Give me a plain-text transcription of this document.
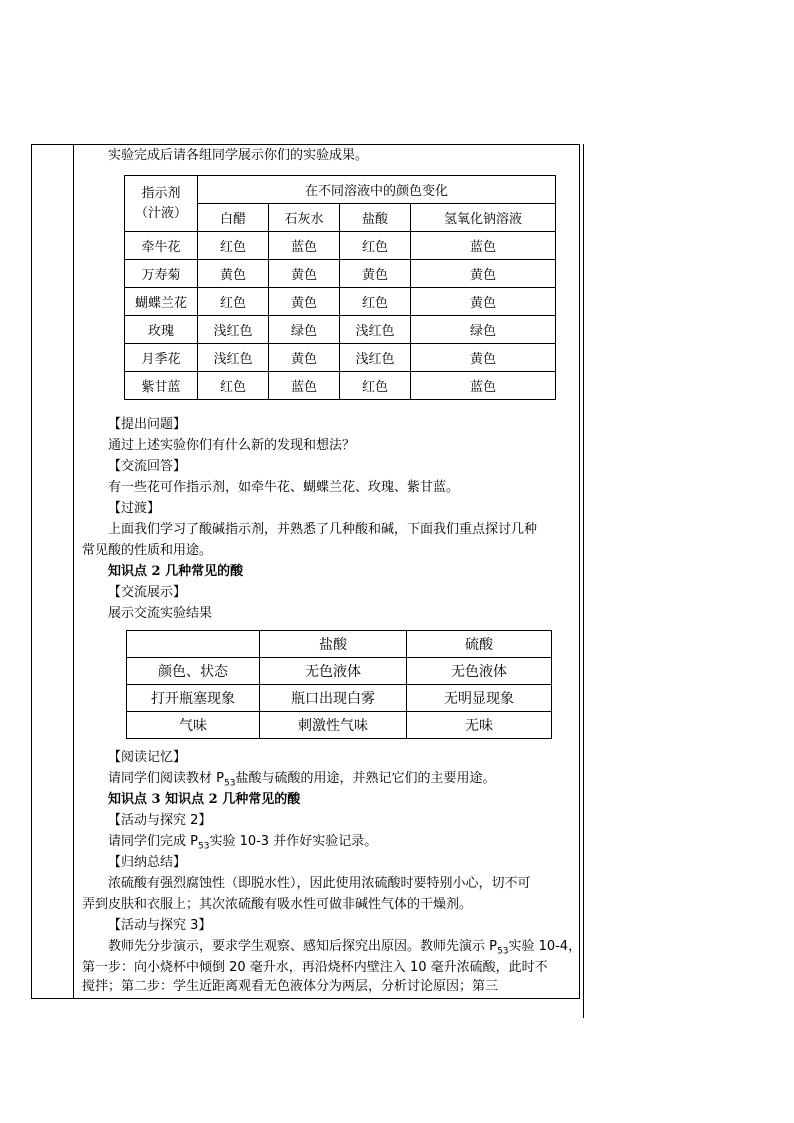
实验完成后请各组同学展示你们的实验成果。
指示剂
（汁液）	在不同溶液中的颜色变化			
	白醋	石灰水	盐酸	氢氧化钠溶液
牵牛花	红色	蓝色	红色	蓝色
万寿菊	黄色	黄色	黄色	黄色
蝴蝶兰花	红色	黄色	红色	黄色
玫瑰	浅红色	绿色	浅红色	绿色
月季花	浅红色	黄色	浅红色	黄色
紫甘蓝	红色	蓝色	红色	蓝色
【提出问题】
通过上述实验你们有什么新的发现和想法？
【交流回答】
有一些花可作指示剂，如牵牛花、蝴蝶兰花、玫瑰、紫甘蓝。
【过渡】
上面我们学习了酸碱指示剂，并熟悉了几种酸和碱，下面我们重点探讨几种
常见酸的性质和用途。
知识点 2 几种常见的酸
【交流展示】
展示交流实验结果
	盐酸	硫酸
颜色、状态	无色液体	无色液体
打开瓶塞现象	瓶口出现白雾	无明显现象
气味	刺激性气味	无味
【阅读记忆】
请同学们阅读教材 $P_{53}$盐酸与硫酸的用途，并熟记它们的主要用途。
知识点 3 知识点 2 几种常见的酸
【活动与探究 2】
请同学们完成 $P_{53}$实验 10-3 并作好实验记录。
【归纳总结】
浓硫酸有强烈腐蚀性（即脱水性），因此使用浓硫酸时要特别小心，切不可
弄到皮肤和衣服上；其次浓硫酸有吸水性可做非碱性气体的干燥剂。
【活动与探究 3】
教师先分步演示，要求学生观察、感知后探究出原因。教师先演示 $P_{53}$实验 10-4，
第一步：向小烧杯中倾倒 20 毫升水，再沿烧杯内壁注入 10 毫升浓硫酸，此时不
搅拌；第二步：学生近距离观看无色液体分为两层，分析讨论原因；第三
